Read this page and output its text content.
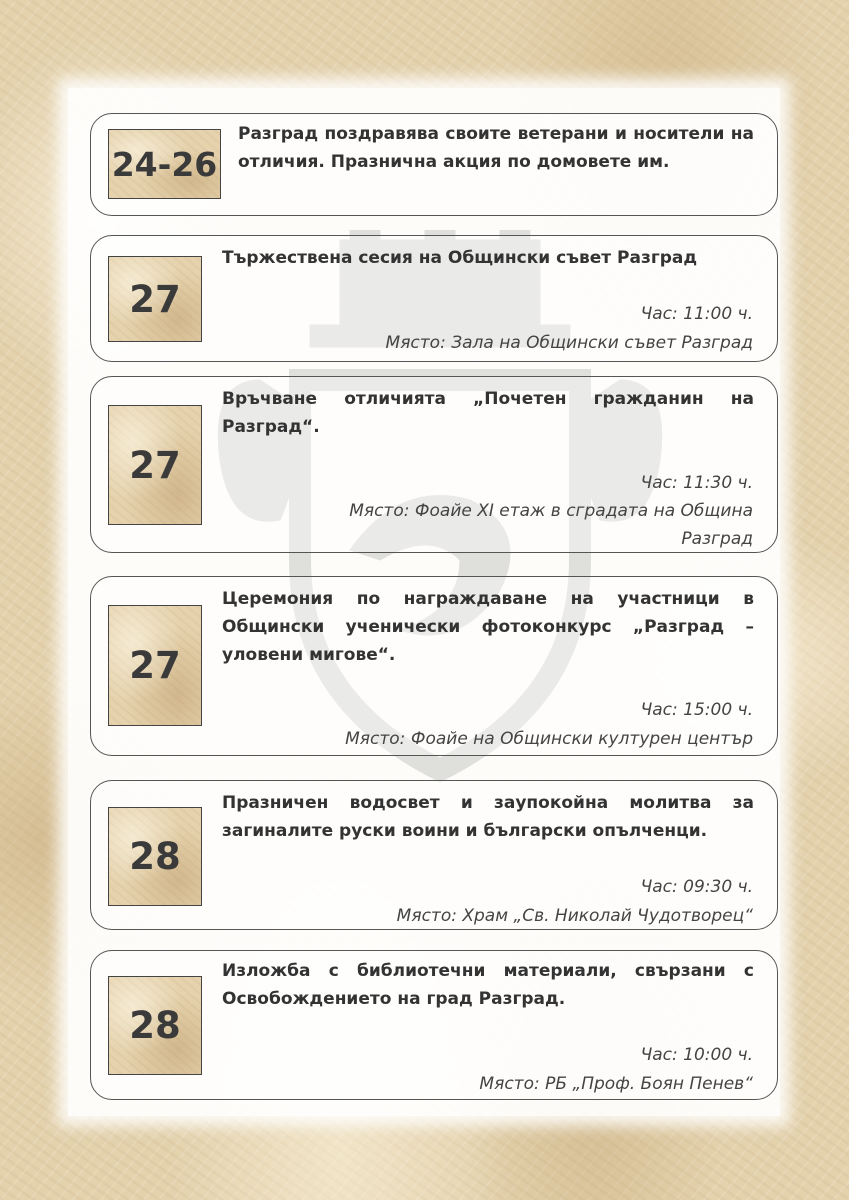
24-26
Разград поздравява своите ветерани и носители на отличия. Празнична акция по домовете им.
27
Тържествена сесия на Общински съвет Разград
Час: 11:00 ч.
Място: Зала на Общински съвет Разград
27
Връчване отличията „Почетен гражданин на Разград“.
Час: 11:30 ч.
Място: Фоайе XI етаж в сградата на Община Разград
27
Церемония по награждаване на участници в Общински ученически фотоконкурс „Разград – уловени мигове“.
Час: 15:00 ч.
Място: Фоайе на Общински културен център
28
Празничен водосвет и заупокойна молитва за загиналите руски воини и български опълченци.
Час: 09:30 ч.
Място: Храм „Св. Николай Чудотворец“
28
Изложба с библиотечни материали, свързани с Освобождението на град Разград.
Час: 10:00 ч.
Място: РБ „Проф. Боян Пенев“
